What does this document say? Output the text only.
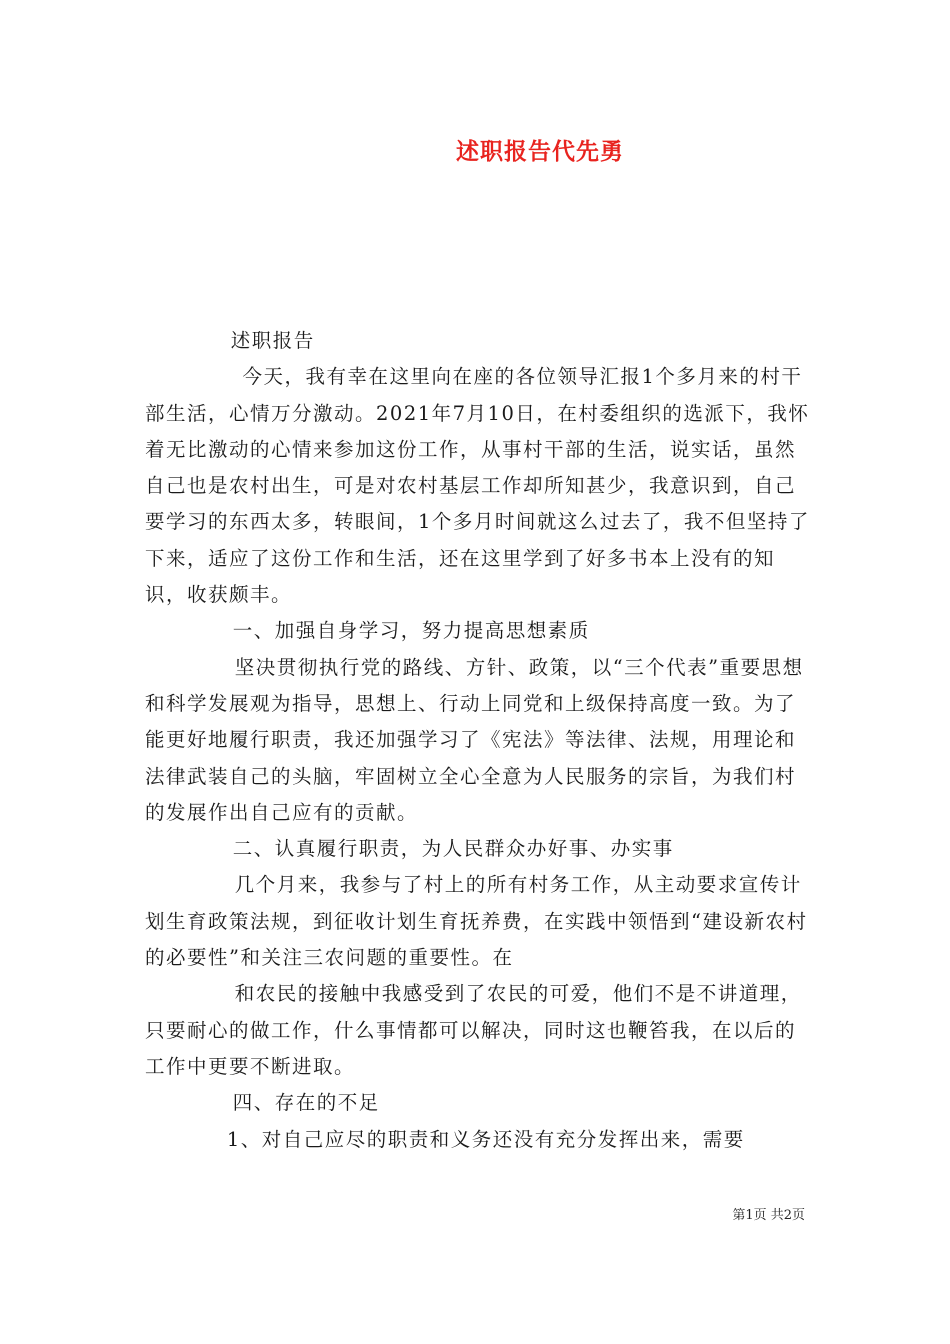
述职报告代先勇

述职报告

今天，我有幸在这里向在座的各位领导汇报1个多月来的村干部生活，心情万分激动。2021年7月10日，在村委组织的选派下，我怀着无比激动的心情来参加这份工作，从事村干部的生活，说实话，虽然自己也是农村出生，可是对农村基层工作却所知甚少，我意识到，自己要学习的东西太多，转眼间，1个多月时间就这么过去了，我不但坚持了下来，适应了这份工作和生活，还在这里学到了好多书本上没有的知识，收获颇丰。

一、加强自身学习，努力提高思想素质

坚决贯彻执行党的路线、方针、政策，以“三个代表”重要思想和科学发展观为指导，思想上、行动上同党和上级保持高度一致。为了能更好地履行职责，我还加强学习了《宪法》等法律、法规，用理论和法律武装自己的头脑，牢固树立全心全意为人民服务的宗旨，为我们村的发展作出自己应有的贡献。

二、认真履行职责，为人民群众办好事、办实事

几个月来，我参与了村上的所有村务工作，从主动要求宣传计划生育政策法规，到征收计划生育抚养费，在实践中领悟到“建设新农村的必要性”和关注三农问题的重要性。在

和农民的接触中我感受到了农民的可爱，他们不是不讲道理，只要耐心的做工作，什么事情都可以解决，同时这也鞭笞我，在以后的工作中更要不断进取。

四、存在的不足

1、对自己应尽的职责和义务还没有充分发挥出来，需要

第1页 共2页
